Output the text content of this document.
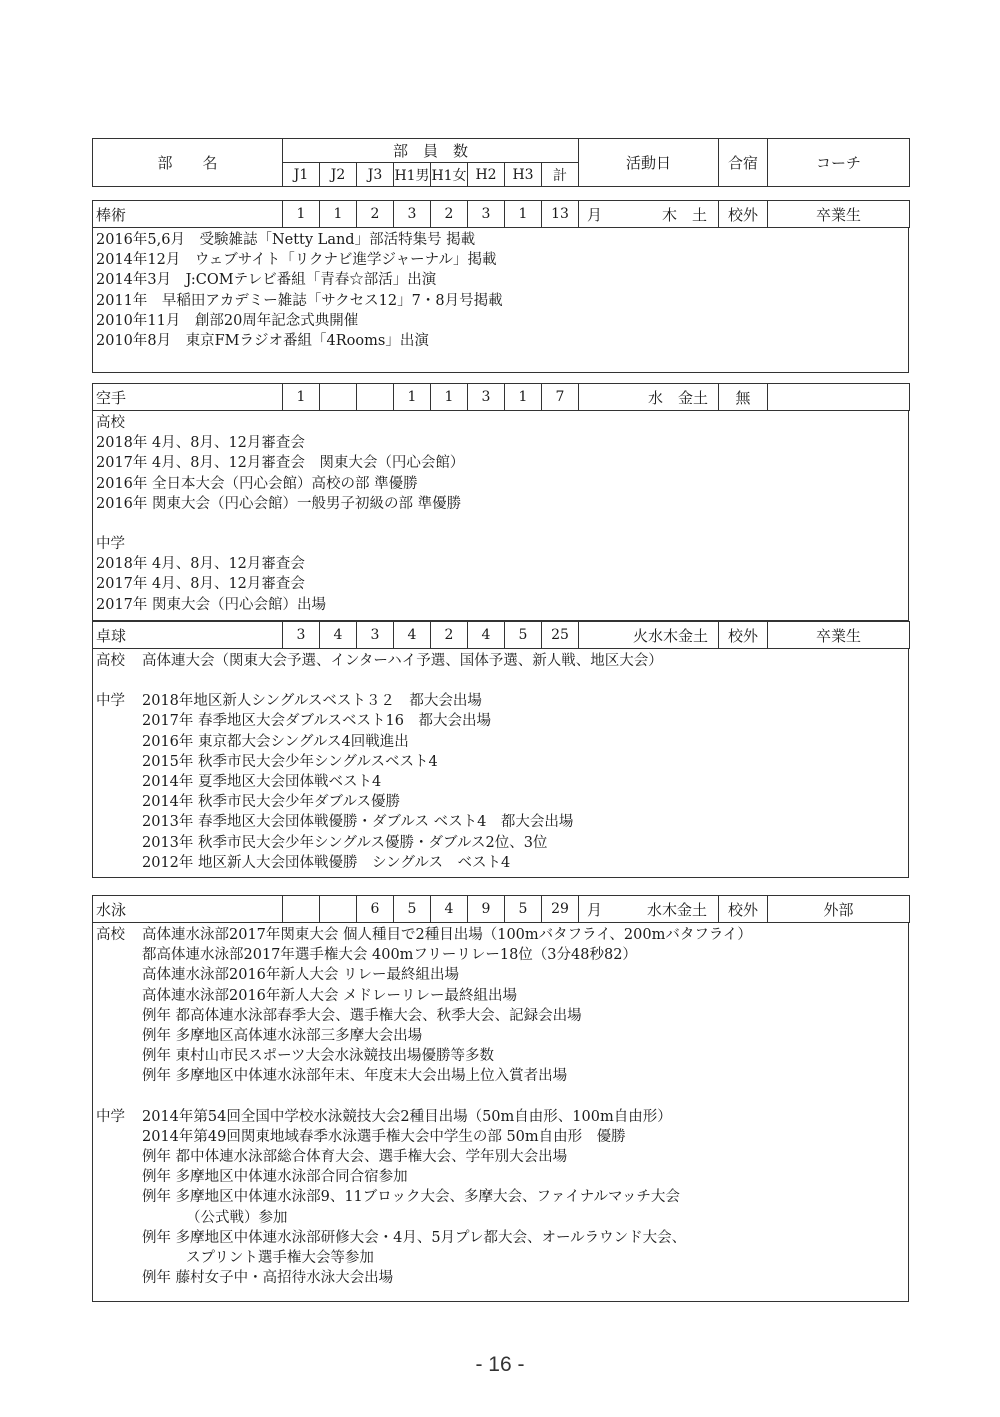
部　　名	部　員　数								活動日	合宿	コーチ
	J1	J2	J3	H1男	H1女	H2	H3	計			
棒術	1	1	2	3	2	3	1	13	月	木　土	校外	卒業生
2016年5,6月　受験雑誌「Netty Land」部活特集号 掲載
2014年12月　ウェブサイト「リクナビ進学ジャーナル」掲載
2014年3月　J:COMテレビ番組「青春☆部活」出演
2011年　早稲田アカデミー雑誌「サクセス12」7・8月号掲載
2010年11月　創部20周年記念式典開催
2010年8月　東京FMラジオ番組「4Rooms」出演
空手	1			1	1	3	1	7	水　金土	無	
高校
2018年 4月、8月、12月審査会
2017年 4月、8月、12月審査会　関東大会（円心会館）
2016年 全日本大会（円心会館）高校の部 準優勝
2016年 関東大会（円心会館）一般男子初級の部 準優勝
中学
2018年 4月、8月、12月審査会
2017年 4月、8月、12月審査会
2017年 関東大会（円心会館）出場
卓球	3	4	3	4	2	4	5	25	火水木金土	校外	卒業生
高校 高体連大会（関東大会予選、インターハイ予選、国体予選、新人戦、地区大会）
中学 2018年地区新人シングルスベスト３２　都大会出場
2017年 春季地区大会ダブルスベスト16　都大会出場
2016年 東京都大会シングルス4回戦進出
2015年 秋季市民大会少年シングルスベスト4
2014年 夏季地区大会団体戦ベスト4
2014年 秋季市民大会少年ダブルス優勝
2013年 春季地区大会団体戦優勝・ダブルス ベスト4　都大会出場
2013年 秋季市民大会少年シングルス優勝・ダブルス2位、3位
2012年 地区新人大会団体戦優勝　シングルス　ベスト4
水泳			6	5	4	9	5	29	月	水木金土	校外	外部
高校 高体連水泳部2017年関東大会 個人種目で2種目出場（100mバタフライ、200mバタフライ）
都高体連水泳部2017年選手権大会 400mフリーリレー18位（3分48秒82）
高体連水泳部2016年新人大会 リレー最終組出場
高体連水泳部2016年新人大会 メドレーリレー最終組出場
例年 都高体連水泳部春季大会、選手権大会、秋季大会、記録会出場
例年 多摩地区高体連水泳部三多摩大会出場
例年 東村山市民スポーツ大会水泳競技出場優勝等多数
例年 多摩地区中体連水泳部年末、年度末大会出場上位入賞者出場
中学 2014年第54回全国中学校水泳競技大会2種目出場（50m自由形、100m自由形）
2014年第49回関東地域春季水泳選手権大会中学生の部 50m自由形　優勝
例年 都中体連水泳部総合体育大会、選手権大会、学年別大会出場
例年 多摩地区中体連水泳部合同合宿参加
例年 多摩地区中体連水泳部9、11ブロック大会、多摩大会、ファイナルマッチ大会
（公式戦）参加
例年 多摩地区中体連水泳部研修大会・4月、5月プレ都大会、オールラウンド大会、
スプリント選手権大会等参加
例年 藤村女子中・高招待水泳大会出場
- 16 -
